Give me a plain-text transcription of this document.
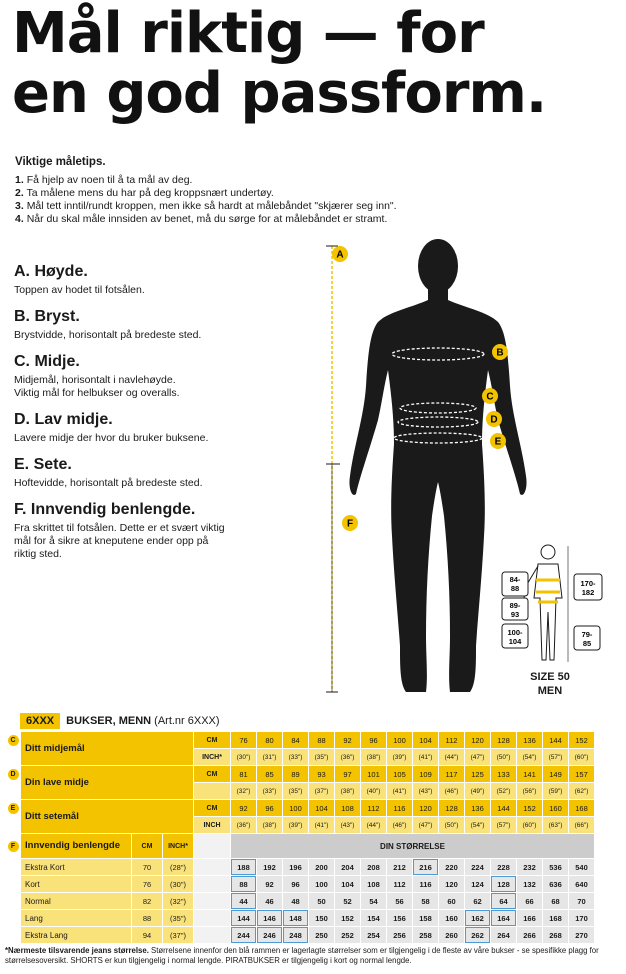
Mål riktig — for
en god passform.
Viktige måletips.
1. Få hjelp av noen til å ta mål av deg.
2. Ta målene mens du har på deg kroppsnært undertøy.
3. Mål tett inntil/rundt kroppen, men ikke så hardt at målebåndet "skjærer seg inn".
4. Når du skal måle innsiden av benet, må du sørge for at målebåndet er stramt.
A. Høyde.
Toppen av hodet til fotsålen.
B. Bryst.
Brystvidde, horisontalt på bredeste sted.
C. Midje.
Midjemål, horisontalt i navlehøyde.
Viktig mål for helbukser og overalls.
D. Lav midje.
Lavere midje der hvor du bruker buksene.
E. Sete.
Hoftevidde, horisontalt på bredeste sted.
F. Innvendig benlengde.
Fra skrittet til fotsålen. Dette er et svært viktig
mål for å sikre at kneputene ender opp på
riktig sted.
A
B
C
D
E
F
84-88
89-93
100-104
170-182
79-85
SIZE 50
MEN
6XXX	BUKSER, MENN (Art.nr 6XXX)
C	Ditt midjemål			CM	76	80	84	88	92	96	100	104	112	120	128	136	144	152
				INCH*	(30")	(31")	(33")	(35")	(36")	(38")	(39")	(41")	(44")	(47")	(50")	(54")	(57")	(60")
D	Din lave midje			CM	81	85	89	93	97	101	105	109	117	125	133	141	149	157
					(32")	(33")	(35")	(37")	(38")	(40")	(41")	(43")	(46")	(49")	(52")	(56")	(59")	(62")
E	Ditt setemål			CM	92	96	100	104	108	112	116	120	128	136	144	152	160	168
				INCH	(36")	(38")	(39")	(41")	(43")	(44")	(46")	(47")	(50")	(54")	(57")	(60")	(63")	(66")
F	Innvendig benlengde	CM	INCH*		DIN STØRRELSE													
	Ekstra Kort	70	(28")		188	192	196	200	204	208	212	216	220	224	228	232	536	540
	Kort	76	(30")		88	92	96	100	104	108	112	116	120	124	128	132	636	640
	Normal	82	(32")		44	46	48	50	52	54	56	58	60	62	64	66	68	70
	Lang	88	(35")		144	146	148	150	152	154	156	158	160	162	164	166	168	170
	Ekstra Lang	94	(37")		244	246	248	250	252	254	256	258	260	262	264	266	268	270
*Nærmeste tilsvarende jeans størrelse. Størrelsene innenfor den blå rammen er lagerlagte størrelser som er tilgjengelig i de fleste av våre bukser - se spesifikke plagg for størrelsesoversikt. SHORTS er kun tilgjengelig i normal lengde. PIRATBUKSER er tilgjengelig i kort og normal lengde.
